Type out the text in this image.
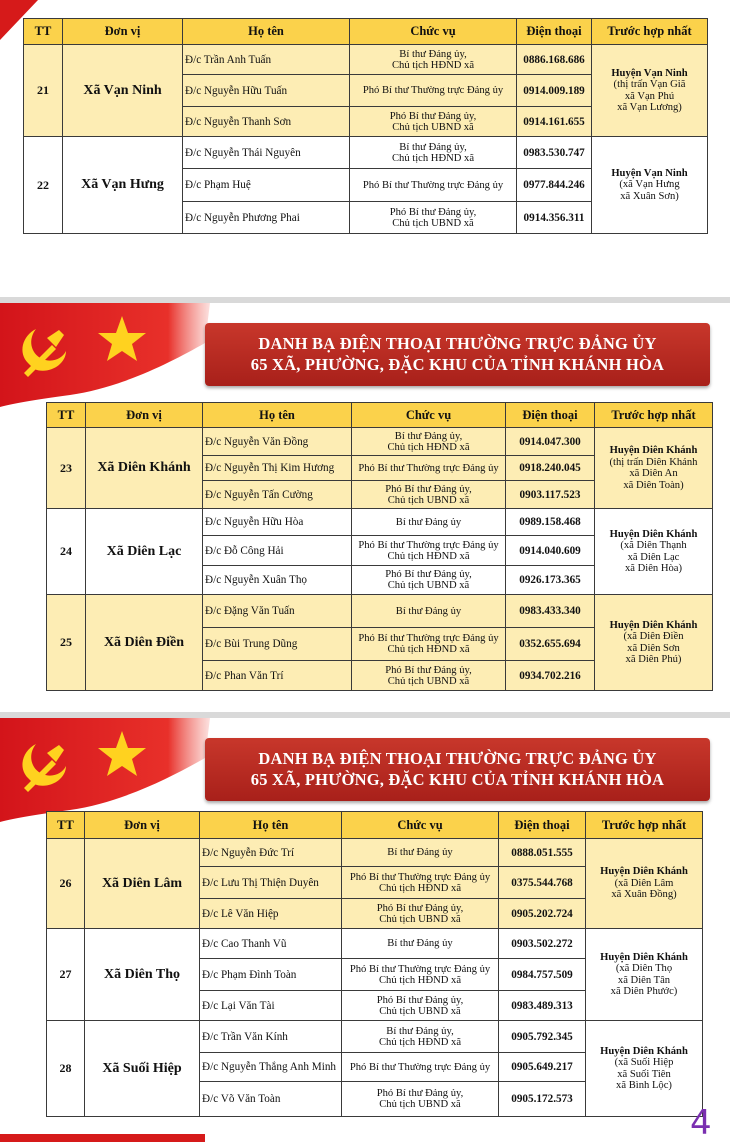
TT	Đơn vị	Họ tên	Chức vụ	Điện thoại	Trước hợp nhất
21	Xã Vạn Ninh	Đ/c Trần Anh Tuấn	Bí thư Đảng ủy,
Chủ tịch HĐND xã	0886.168.686	Huyện Vạn Ninh
(thị trấn Vạn Giã
xã Vạn Phú
xã Vạn Lương)
		Đ/c Nguyễn Hữu Tuấn	Phó Bí thư Thường trực Đảng ủy	0914.009.189	
		Đ/c Nguyễn Thanh Sơn	Phó Bí thư Đảng ủy,
Chủ tịch UBND xã	0914.161.655	
22	Xã Vạn Hưng	Đ/c Nguyễn Thái Nguyên	Bí thư Đảng ủy,
Chủ tịch HĐND xã	0983.530.747	Huyện Vạn Ninh
(xã Vạn Hưng
xã Xuân Sơn)
		Đ/c Phạm Huệ	Phó Bí thư Thường trực Đảng ủy	0977.844.246	
		Đ/c Nguyễn Phương Phai	Phó Bí thư Đảng ủy,
Chủ tịch UBND xã	0914.356.311	
DANH BẠ ĐIỆN THOẠI THƯỜNG TRỰC ĐẢNG ỦY
65 XÃ, PHƯỜNG, ĐẶC KHU CỦA TỈNH KHÁNH HÒA
TT	Đơn vị	Họ tên	Chức vụ	Điện thoại	Trước hợp nhất
23	Xã Diên Khánh	Đ/c Nguyễn Văn Đồng	Bí thư Đảng ủy,
Chủ tịch HĐND xã	0914.047.300	Huyện Diên Khánh
(thị trấn Diên Khánh
xã Diên An
xã Diên Toàn)
		Đ/c Nguyễn Thị Kim Hương	Phó Bí thư Thường trực Đảng ủy	0918.240.045	
		Đ/c Nguyễn Tấn Cường	Phó Bí thư Đảng ủy,
Chủ tịch UBND xã	0903.117.523	
24	Xã Diên Lạc	Đ/c Nguyễn Hữu Hòa	Bí thư Đảng ủy	0989.158.468	Huyện Diên Khánh
(xã Diên Thạnh
xã Diên Lạc
xã Diên Hòa)
		Đ/c Đỗ Công Hải	Phó Bí thư Thường trực Đảng ủy
Chủ tịch HĐND xã	0914.040.609	
		Đ/c Nguyễn Xuân Thọ	Phó Bí thư Đảng ủy,
Chủ tịch UBND xã	0926.173.365	
25	Xã Diên Điền	Đ/c Đặng Văn Tuấn	Bí thư Đảng ủy	0983.433.340	Huyện Diên Khánh
(xã Diên Điền
xã Diên Sơn
xã Diên Phú)
		Đ/c Bùi Trung Dũng	Phó Bí thư Thường trực Đảng ủy
Chủ tịch HĐND xã	0352.655.694	
		Đ/c Phan Văn Trí	Phó Bí thư Đảng ủy,
Chủ tịch UBND xã	0934.702.216	
DANH BẠ ĐIỆN THOẠI THƯỜNG TRỰC ĐẢNG ỦY
65 XÃ, PHƯỜNG, ĐẶC KHU CỦA TỈNH KHÁNH HÒA
TT	Đơn vị	Họ tên	Chức vụ	Điện thoại	Trước hợp nhất
26	Xã Diên Lâm	Đ/c Nguyễn Đức Trí	Bí thư Đảng ủy	0888.051.555	Huyện Diên Khánh
(xã Diên Lâm
xã Xuân Đồng)
		Đ/c Lưu Thị Thiện Duyên	Phó Bí thư Thường trực Đảng ủy
Chủ tịch HĐND xã	0375.544.768	
		Đ/c Lê Văn Hiệp	Phó Bí thư Đảng ủy,
Chủ tịch UBND xã	0905.202.724	
27	Xã Diên Thọ	Đ/c Cao Thanh Vũ	Bí thư Đảng ủy	0903.502.272	Huyện Diên Khánh
(xã Diên Thọ
xã Diên Tân
xã Diên Phước)
		Đ/c Phạm Đình Toàn	Phó Bí thư Thường trực Đảng ủy
Chủ tịch HĐND xã	0984.757.509	
		Đ/c Lại Văn Tài	Phó Bí thư Đảng ủy,
Chủ tịch UBND xã	0983.489.313	
28	Xã Suối Hiệp	Đ/c Trần Văn Kính	Bí thư Đảng ủy,
Chủ tịch HĐND xã	0905.792.345	Huyện Diên Khánh
(xã Suối Hiệp
xã Suối Tiên
xã Bình Lộc)
		Đ/c Nguyễn Thắng Anh Minh	Phó Bí thư Thường trực Đảng ủy	0905.649.217	
		Đ/c Võ Văn Toàn	Phó Bí thư Đảng ủy,
Chủ tịch UBND xã	0905.172.573	
4
